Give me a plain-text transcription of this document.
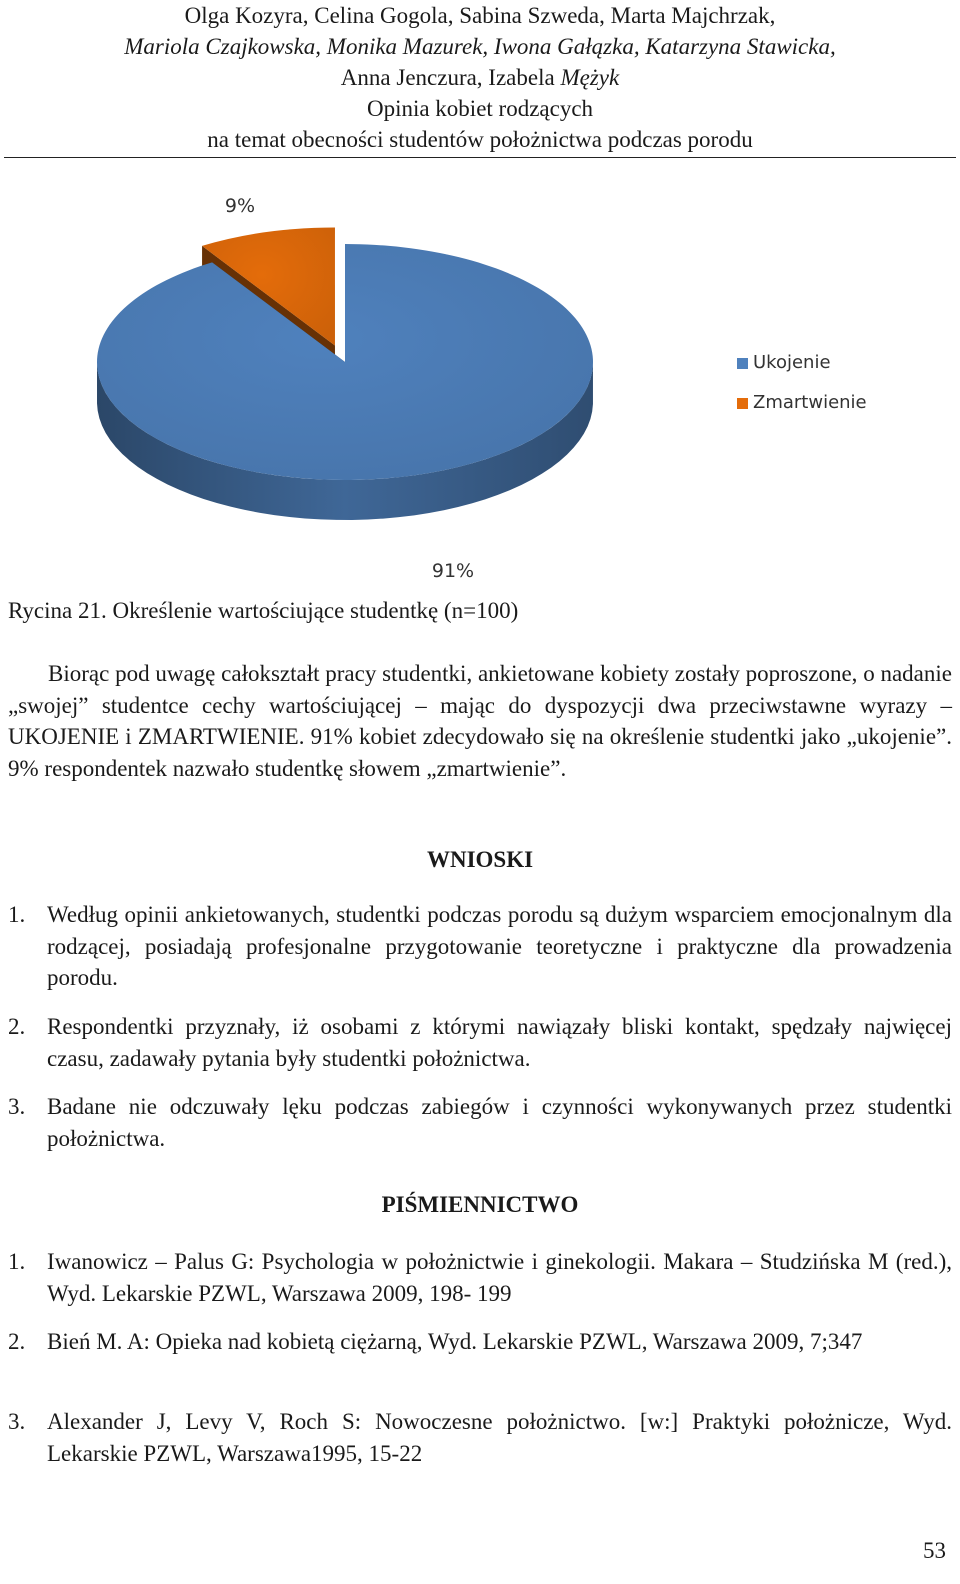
Olga Kozyra, Celina Gogola, Sabina Szweda, Marta Majchrzak,
Mariola Czajkowska, Monika Mazurek, Iwona Gałązka, Katarzyna Stawicka,
Anna Jenczura, Izabela Mężyk
Opinia kobiet rodzących
na temat obecności studentów położnictwa podczas porodu
91%
9%
Ukojenie
Zmartwienie
Rycina 21. Określenie wartościujące studentkę (n=100)
Biorąc pod uwagę całokształt pracy studentki, ankietowane kobiety zostały poproszone, o nadanie „swojej” studentce cechy wartościującej – mając do dyspozycji dwa przeciwstawne wyrazy – UKOJENIE i ZMARTWIENIE. 91% kobiet zdecydowało się na określenie studentki jako „ukojenie”. 9% respondentek nazwało studentkę słowem „zmartwienie”.
WNIOSKI
1. Według opinii ankietowanych, studentki podczas porodu są dużym wsparciem emocjonalnym dla rodzącej, posiadają profesjonalne przygotowanie teoretyczne i praktyczne dla prowadzenia porodu.
2. Respondentki przyznały, iż osobami z którymi nawiązały bliski kontakt, spędzały najwięcej czasu, zadawały pytania były studentki położnictwa.
3. Badane nie odczuwały lęku podczas zabiegów i czynności wykonywanych przez studentki położnictwa.
PIŚMIENNICTWO
1. Iwanowicz – Palus G: Psychologia w położnictwie i ginekologii. Makara – Studzińska M (red.), Wyd. Lekarskie PZWL, Warszawa 2009, 198- 199
2. Bień M. A: Opieka nad kobietą ciężarną, Wyd. Lekarskie PZWL, Warszawa 2009, 7;347
3. Alexander J, Levy V, Roch S: Nowoczesne położnictwo. [w:] Praktyki położnicze, Wyd. Lekarskie PZWL, Warszawa1995, 15-22
53
